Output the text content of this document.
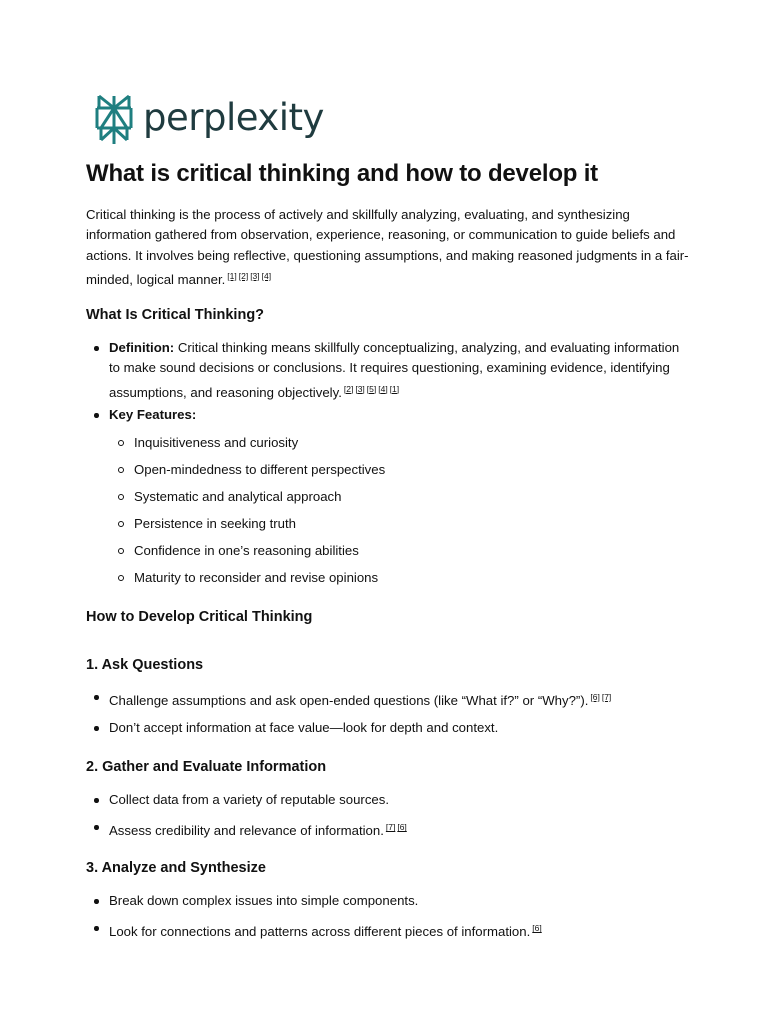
perplexity
What is critical thinking and how to develop it

Critical thinking is the process of actively and skillfully analyzing, evaluating, and synthesizing information gathered from observation, experience, reasoning, or communication to guide beliefs and actions. It involves being reflective, questioning assumptions, and making reasoned judgments in a fair-minded, logical manner. [1] [2] [3] [4]

What Is Critical Thinking?
Definition: Critical thinking means skillfully conceptualizing, analyzing, and evaluating information to make sound decisions or conclusions. It requires questioning, examining evidence, identifying assumptions, and reasoning objectively. [2] [3] [5] [4] [1]
Key Features:
Inquisitiveness and curiosity
Open-mindedness to different perspectives
Systematic and analytical approach
Persistence in seeking truth
Confidence in one’s reasoning abilities
Maturity to reconsider and revise opinions
How to Develop Critical Thinking
1. Ask Questions
Challenge assumptions and ask open-ended questions (like “What if?” or “Why?”). [6] [7]
Don’t accept information at face value—look for depth and context.
2. Gather and Evaluate Information
Collect data from a variety of reputable sources.
Assess credibility and relevance of information. [7] [6]
3. Analyze and Synthesize
Break down complex issues into simple components.
Look for connections and patterns across different pieces of information. [6]
